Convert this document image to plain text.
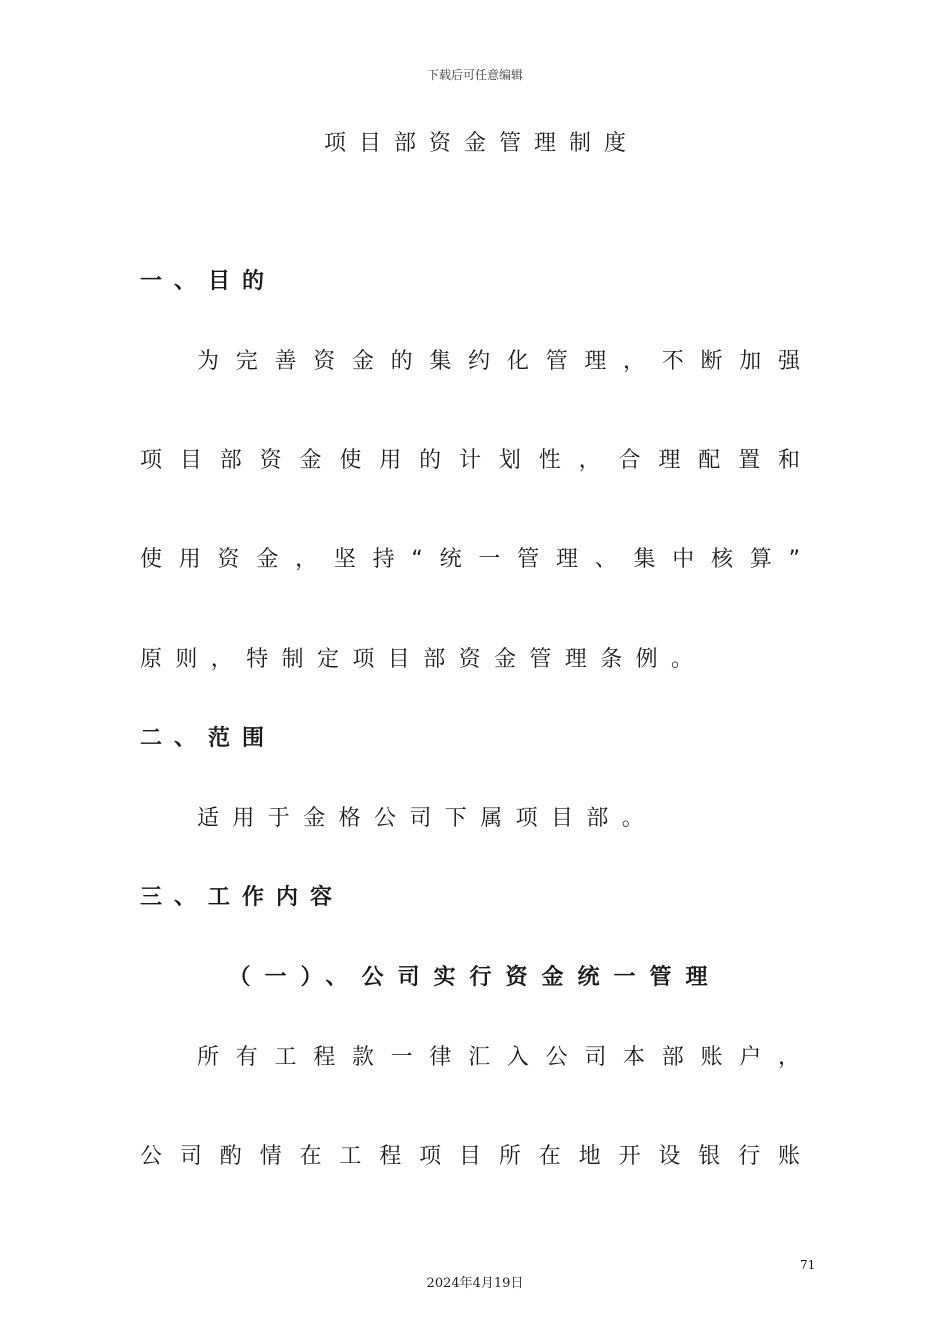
下载后可任意编辑
项目部资金管理制度
一、目的
为完善资金的集约化管理，不断加强
项目部资金使用的计划性，合理配置和
使用资金，坚持“统一管理、集中核算”
原则，特制定项目部资金管理条例。
二、范围
适用于金格公司下属项目部。
三、工作内容
（一）、公司实行资金统一管理
所有工程款一律汇入公司本部账户，
公司酌情在工程项目所在地开设银行账
71
2024年4月19日
